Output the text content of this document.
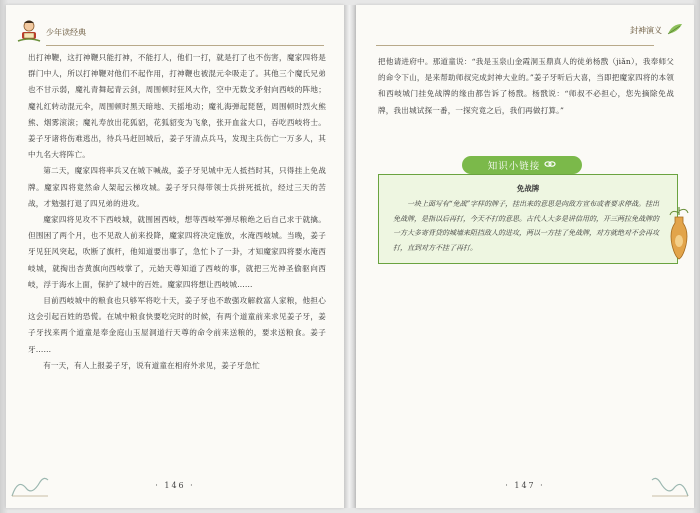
少年读经典

出打神鞭，这打神鞭只能打神，不能打人，他们一打，就是打了也不伤害，魔家四将是群门中人，所以打神鞭对他们不起作用，打神鞭也被混元伞吸走了。其他三个魔氏兄弟也不甘示弱，魔礼青舞起青云剑，周围顿时狂风大作，空中无数戈矛射向西岐的阵地；魔礼红转动混元伞，周围顿时黑天暗地、天摇地动；魔礼海弹起琵琶，周围顿时烈火熊熊、烟雾滚滚；魔礼寿放出花狐貂，花狐貂变为飞象，张开血盆大口，吞吃西岐将士。姜子牙诸将伤难逃出，待兵马赶回城后，姜子牙清点兵马，发现主兵伤亡一万多人，其中九名大将阵亡。

第二天，魔家四将率兵又在城下喊战，姜子牙见城中无人抵挡时其，只得挂上免战牌。魔家四将竟然命人架起云梯攻城。姜子牙只得带领士兵拼死抵抗，经过三天的苦战，才勉强打退了四兄弟的进攻。

魔家四将见攻不下西岐城，就围困西岐，想等西岐军弹尽粮绝之后自己求于就擒。但围困了两个月，也不见敌人前来投降，魔家四将决定施放，水淹西岐城。当晚，姜子牙见狂风突起，吹断了旗杆，他知道要出事了，急忙卜了一卦，才知魔家四将要水淹西岐城，就掏出杏黄旗向西岐掌了，元始天尊知道了西岐的事，就把三光神圣偷驱向西岐，浮于海水上面，保护了城中的百姓。魔家四将想让西岐城……

目前西岐城中的粮食也只够军将吃十天，姜子牙也不敢强攻解救富人家粮，他担心这会引起百姓的恐慌。在城中粮食快要吃完时的时候，有两个道童前来求见姜子牙，姜子牙找来两个道童是奉金庭山玉屋洞道行天尊的命令前来送粮的，要求送粮食。姜子牙……

有一天，有人上报姜子牙，说有道童在相府外求见，姜子牙急忙

· 146 ·
封神演义

把他请进府中。那道童说：“我是玉泉山金霞洞玉鼎真人的徒弟杨戬（jiǎn），我奉师父的命令下山，是来帮助师叔完成封神大业的。”姜子牙听后大喜，当即把魔家四将的本领和西岐城门挂免战牌的缘由都告诉了杨戬。杨戬说：“师叔不必担心，您先摘除免战牌，我出城试探一番，一探究竟之后，我们再做打算。”

知识小链接
免战牌

一块上面写有“免战”字样的牌子，挂出来的意思是向敌方宣布或者要求停战。挂出免战牌，是指以后再打，今天不打的意思。古代人大多是讲信用的，开三两拉免战牌的一方大多寄背贷的城墙来阻挡敌人的进攻，两以一方挂了免战牌，对方就绝对不会再攻打，直到对方不挂了再打。

· 147 ·
